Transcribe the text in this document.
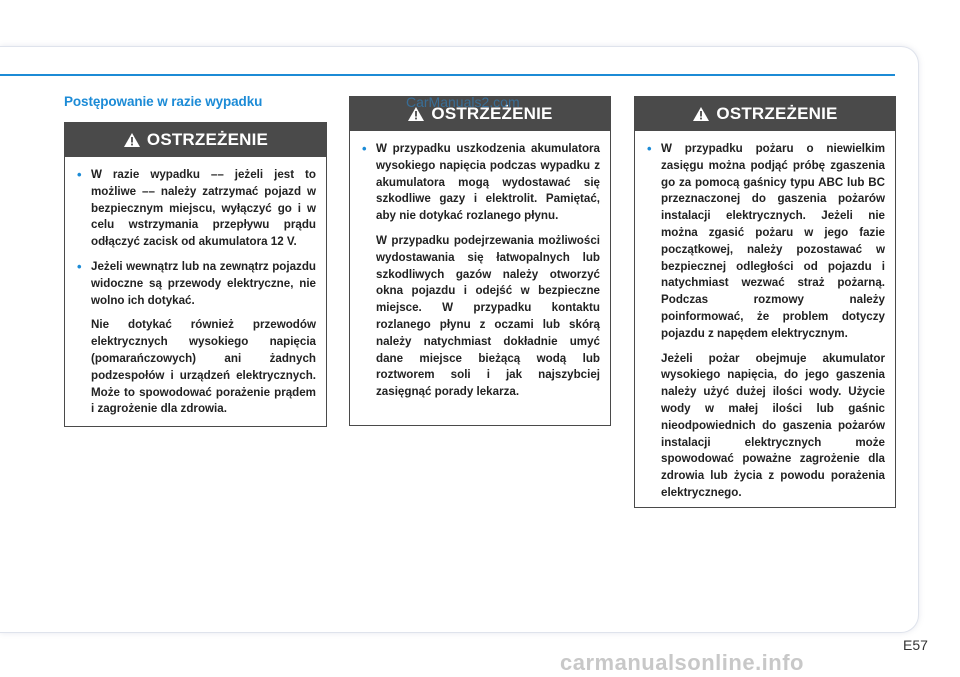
Postępowanie w razie wypadku	CarManuals2.com
OSTRZEŻENIE
• W razie wypadku –– jeżeli jest to możliwe –– należy zatrzymać pojazd w bezpiecznym miejscu, wyłączyć go i w celu wstrzymania przepływu prądu odłączyć zacisk od akumulatora 12 V.
• Jeżeli wewnątrz lub na zewnątrz pojazdu widoczne są przewody elektryczne, nie wolno ich dotykać.
Nie dotykać również przewodów elektrycznych wysokiego napięcia (pomarańczowych) ani żadnych podzespołów i urządzeń elektrycznych. Może to spowodować porażenie prądem i zagrożenie dla zdrowia.
OSTRZEŻENIE
• W przypadku uszkodzenia akumulatora wysokiego napięcia podczas wypadku z akumulatora mogą wydostawać się szkodliwe gazy i elektrolit. Pamiętać, aby nie dotykać rozlanego płynu.
W przypadku podejrzewania możliwości wydostawania się łatwopalnych lub szkodliwych gazów należy otworzyć okna pojazdu i odejść w bezpieczne miejsce. W przypadku kontaktu rozlanego płynu z oczami lub skórą należy natychmiast dokładnie umyć dane miejsce bieżącą wodą lub roztworem soli i jak najszybciej zasięgnąć porady lekarza.
OSTRZEŻENIE
• W przypadku pożaru o niewielkim zasięgu można podjąć próbę zgaszenia go za pomocą gaśnicy typu ABC lub BC przeznaczonej do gaszenia pożarów instalacji elektrycznych. Jeżeli nie można zgasić pożaru w jego fazie początkowej, należy pozostawać w bezpiecznej odległości od pojazdu i natychmiast wezwać straż pożarną. Podczas rozmowy należy poinformować, że problem dotyczy pojazdu z napędem elektrycznym.
Jeżeli pożar obejmuje akumulator wysokiego napięcia, do jego gaszenia należy użyć dużej ilości wody. Użycie wody w małej ilości lub gaśnic nieodpowiednich do gaszenia pożarów instalacji elektrycznych może spowodować poważne zagrożenie dla zdrowia lub życia z powodu porażenia elektrycznego.
E57
carmanualsonline.info
